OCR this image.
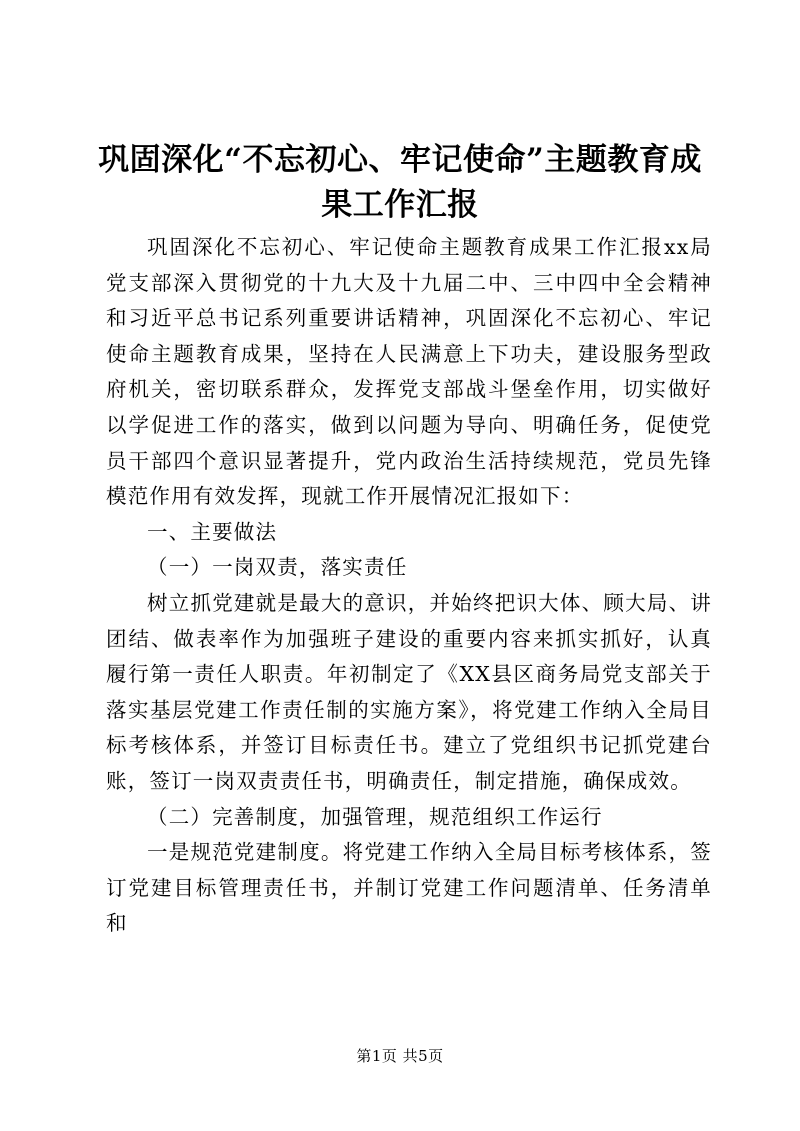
巩固深化“不忘初心、牢记使命”主题教育成果工作汇报

巩固深化不忘初心、牢记使命主题教育成果工作汇报xx局党支部深入贯彻党的十九大及十九届二中、三中四中全会精神和习近平总书记系列重要讲话精神，巩固深化不忘初心、牢记使命主题教育成果，坚持在人民满意上下功夫，建设服务型政府机关，密切联系群众，发挥党支部战斗堡垒作用，切实做好以学促进工作的落实，做到以问题为导向、明确任务，促使党员干部四个意识显著提升，党内政治生活持续规范，党员先锋模范作用有效发挥，现就工作开展情况汇报如下：

一、主要做法

（一）一岗双责，落实责任

树立抓党建就是最大的意识，并始终把识大体、顾大局、讲团结、做表率作为加强班子建设的重要内容来抓实抓好，认真履行第一责任人职责。年初制定了《XX县区商务局党支部关于落实基层党建工作责任制的实施方案》，将党建工作纳入全局目标考核体系，并签订目标责任书。建立了党组织书记抓党建台账，签订一岗双责责任书，明确责任，制定措施，确保成效。

（二）完善制度，加强管理，规范组织工作运行

一是规范党建制度。将党建工作纳入全局目标考核体系，签订党建目标管理责任书，并制订党建工作问题清单、任务清单和

第1页 共5页
